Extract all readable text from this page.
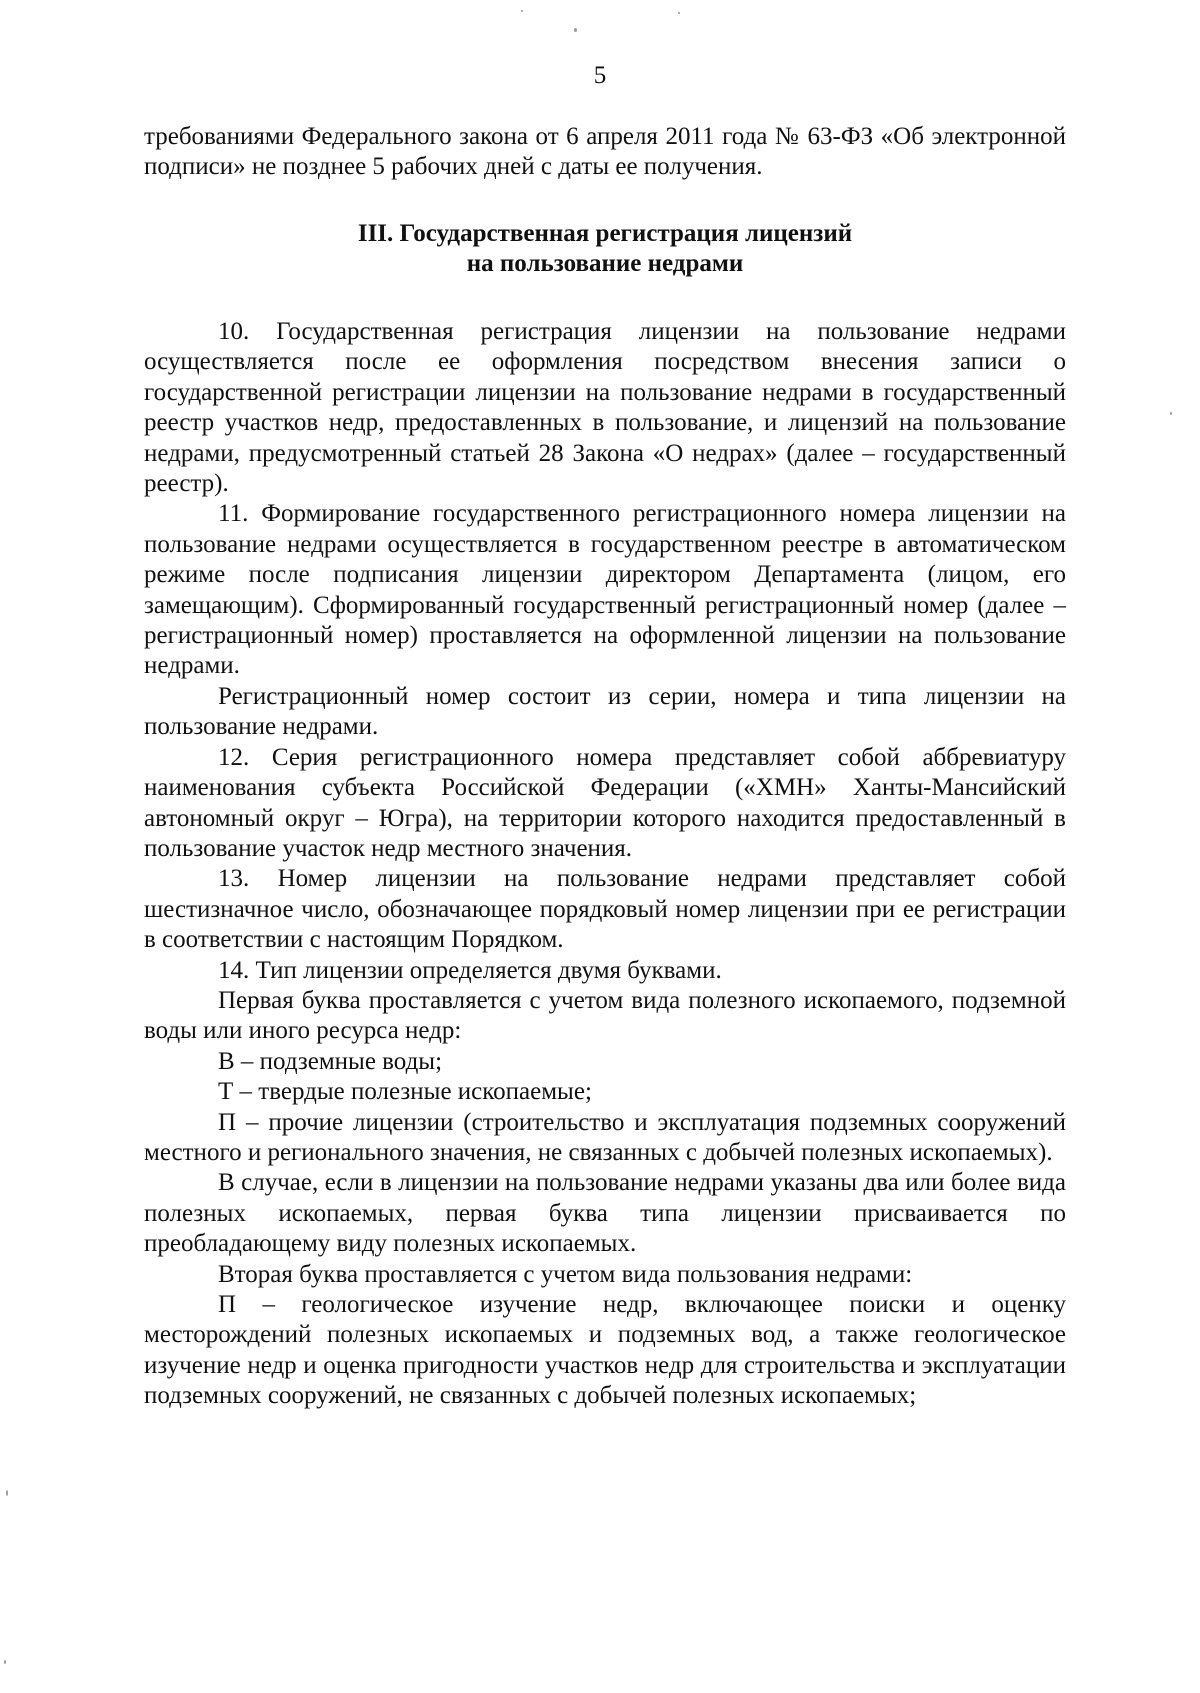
5

требованиями Федерального закона от 6 апреля 2011 года № 63-ФЗ «Об электронной подписи» не позднее 5 рабочих дней с даты ее получения.

III. Государственная регистрация лицензий
на пользование недрами

10. Государственная регистрация лицензии на пользование недрами осуществляется после ее оформления посредством внесения записи о государственной регистрации лицензии на пользование недрами в государственный реестр участков недр, предоставленных в пользование, и лицензий на пользование недрами, предусмотренный статьей 28 Закона «О недрах» (далее – государственный реестр).

11. Формирование государственного регистрационного номера лицензии на пользование недрами осуществляется в государственном реестре в автоматическом режиме после подписания лицензии директором Департамента (лицом, его замещающим). Сформированный государственный регистрационный номер (далее – регистрационный номер) проставляется на оформленной лицензии на пользование недрами.

Регистрационный номер состоит из серии, номера и типа лицензии на пользование недрами.

12. Серия регистрационного номера представляет собой аббревиатуру наименования субъекта Российской Федерации («ХМН» Ханты-Мансийский автономный округ – Югра), на территории которого находится предоставленный в пользование участок недр местного значения.

13. Номер лицензии на пользование недрами представляет собой шестизначное число, обозначающее порядковый номер лицензии при ее регистрации в соответствии с настоящим Порядком.

14. Тип лицензии определяется двумя буквами.

Первая буква проставляется с учетом вида полезного ископаемого, подземной воды или иного ресурса недр:

В – подземные воды;

Т – твердые полезные ископаемые;

П – прочие лицензии (строительство и эксплуатация подземных сооружений местного и регионального значения, не связанных с добычей полезных ископаемых).

В случае, если в лицензии на пользование недрами указаны два или более вида полезных ископаемых, первая буква типа лицензии присваивается по преобладающему виду полезных ископаемых.

Вторая буква проставляется с учетом вида пользования недрами:

П – геологическое изучение недр, включающее поиски и оценку месторождений полезных ископаемых и подземных вод, а также геологическое изучение недр и оценка пригодности участков недр для строительства и эксплуатации подземных сооружений, не связанных с добычей полезных ископаемых;
